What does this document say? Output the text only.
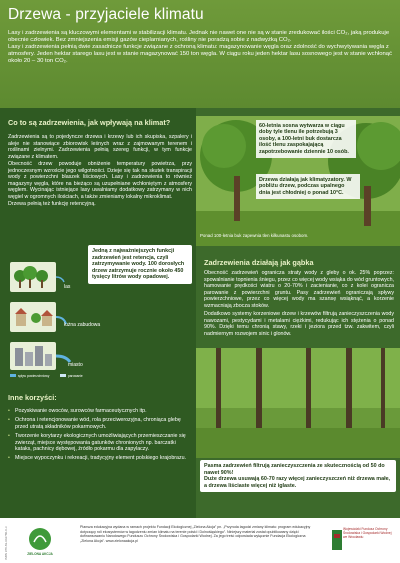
Drzewa - przyjaciele klimatu

Lasy i zadrzewienia są kluczowymi elementami w stabilizacji klimatu. Jednak nie nawet one nie są w stanie zredukować ilości CO₂, jaką produkuje obecnie człowiek. Bez zmniejszenia emisji gazów cieplarnianych, rośliny nie poradzą sobie z nadwyżką CO₂.

Lasy i zadrzewienia pełnią dwie zasadnicze funkcje związane z ochroną klimatu: magazynowanie węgla oraz zdolność do wychwytywania węgla z atmosfery. Jeden hektar starego lasu jest w stanie magazynować 150 ton węgla. W ciągu roku jeden hektar lasu sosnowego jest w stanie wchłonąć około 20 – 30 ton CO₂.

Co to są zadrzewienia, jak wpływają na klimat?

Zadrzewienia są to pojedyncze drzewa i krzewy lub ich skupiska, szpalery i aleje nie stanowiące zbiorowisk leśnych wraz z zajmowanym terenem i roślinami zielnymi. Zadrzewienia pełnią szereg funkcji, w tym funkcje związane z klimatem.

Obecność drzew powoduje obniżenie temperatury powietrza, przy jednoczesnym wzroście jego wilgotności. Dzieje się tak na skutek transpiracji wody z powierzchni blaszek liściowych. Lasy i zadrzewienia to również magazyny węgla, które na bieżąco są uzupełniane wchłoniętym z atmosfery węglem. Wycinając istniejące lasy uwalniamy dodatkowy zatrzymany w nich węgiel w ogromnych ilościach, a także zmieniamy lokalny mikroklimat.

Drzewa pełnią też funkcję retencyjną.

las
łużna zabudowa
miasto
spływ powierzchniowy	parowanie
Jedną z najważniejszych funkcji zadrzewień jest retencja, czyli zatrzymywanie wody. 100 dorosłych drzew zatrzymuje rocznie około 450 tysięcy litrów wody opadowej.
Inne korzyści:
• Pozyskiwanie owoców, surowców farmaceutycznych itp.
• Ochrona i retencjonowanie wód, rola przeciwerozyjna, chroniąca glebę przed utratą składników pokarmowych.
• Tworzenie korytarzy ekologicznych umożliwiających przemieszczanie się zwierząt, miejsce występowania gatunków chronionych np. barczatki kataks, pachnicy dębowej, źródło pokarmu dla zapylaczy.
• Miejsce wypoczynku i rekreacji, tradycyjny element polskiego krajobrazu.
60-letnia sosna wytwarza w ciągu doby tyle tlenu ile potrzebują 3 osoby, a 100-letni buk dostarcza ilość tlenu zaspokajającą zapotrzebowanie dziennie 10 osób.
Drzewa działają jak klimatyzatory. W pobliżu drzew, podczas upalnego dnia jest chłodniej o ponad 10°C.
Ponad 100-letnia buk zapewnia tlen kilkunastu osobom.
Zadrzewienia działają jak gąbka

Obecność zadrzewień ogranicza straty wody z gleby o ok. 25% poprzez: spowalnianie topnienia śniegu, przez co więcej wody wsiąka do wód gruntowych, hamowanie prędkości wiatru o 20-70% i zacienianie, co z kolei ogranicza parowanie z powierzchni gruntu. Pasy zadrzewień ograniczają spływy powierzchniowe, przez co więcej wody ma szansę wsiąknąć, a korzenie wzmacniają zbocza stoków.

Dodatkowo systemy korzeniowe drzew i krzewów filtrują zanieczyszczenia wody nawozami, pestycydami i metalami ciężkimi, redukując ich stężenia o ponad 90%. Dzięki temu chronią stawy, rzeki i jeziora przed tzw. zakwitem, czyli nadmiernym rozwojem sinic i glonów.

Pasma zadrzewień filtrują zanieczyszczenia ze skutecznością od 50 do nawet 90%!
Duże drzewa usuwają 60-70 razy więcej zanieczyszczeń niż drzewa małe, a drzewa liściaste więcej niż iglaste.
ISBN 978-83-942780-0-3	ZIELONA AKCJA
Plansza edukacyjna wydana w ramach projektu Fundacji Ekologicznej „Zielona Akcja” pn. „Przyroda łagodzi zmiany klimatu: program edukacyjny dotyczący roli ekosystemów w łagodzeniu zmian klimatu na terenie polski i Dolnośląskiego”. Niniejszy materiał został opublikowany dzięki dofinansowaniu Narodowego Funduszu Ochrony Środowiska i Gospodarki Wodnej. Za jego treść odpowiada wyłącznie Fundacja Ekologiczna „Zielona Akcja”. www.zielonaakcja.pl
Wojewódzki Fundusz Ochrony Środowiska i Gospodarki Wodnej we Wrocławiu
